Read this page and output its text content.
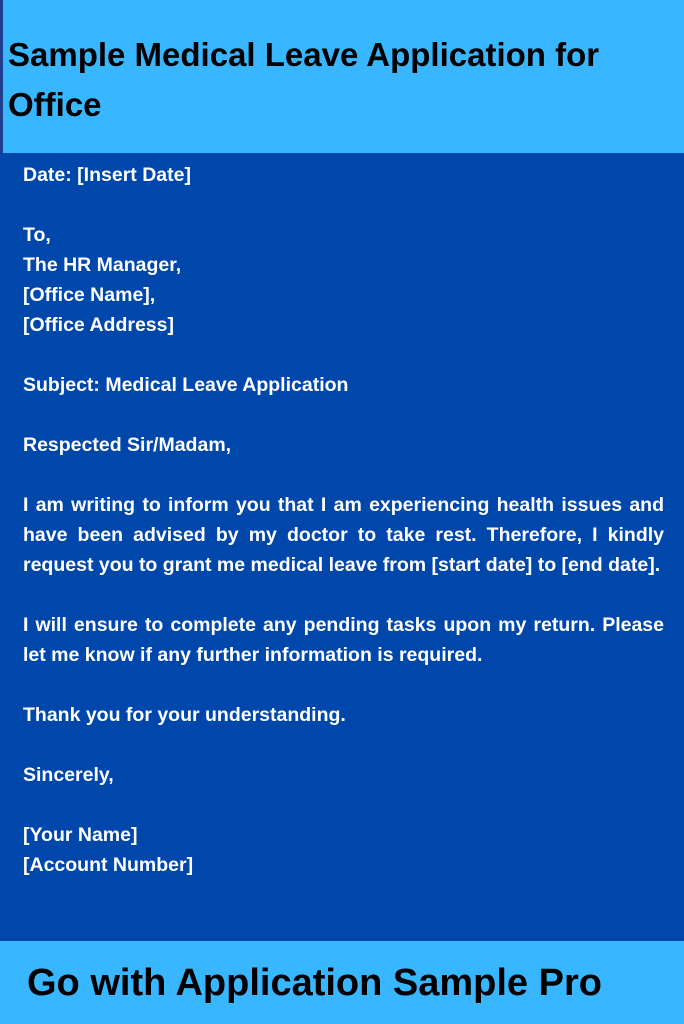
Sample Medical Leave Application for
Office

Date: [Insert Date]

To,
The HR Manager,
[Office Name],
[Office Address]

Subject: Medical Leave Application

Respected Sir/Madam,

I am writing to inform you that I am experiencing health issues and have been advised by my doctor to take rest. Therefore, I kindly request you to grant me medical leave from [start date] to [end date].

I will ensure to complete any pending tasks upon my return. Please let me know if any further information is required.

Thank you for your understanding.

Sincerely,

[Your Name]
[Account Number]

Go with Application Sample Pro
